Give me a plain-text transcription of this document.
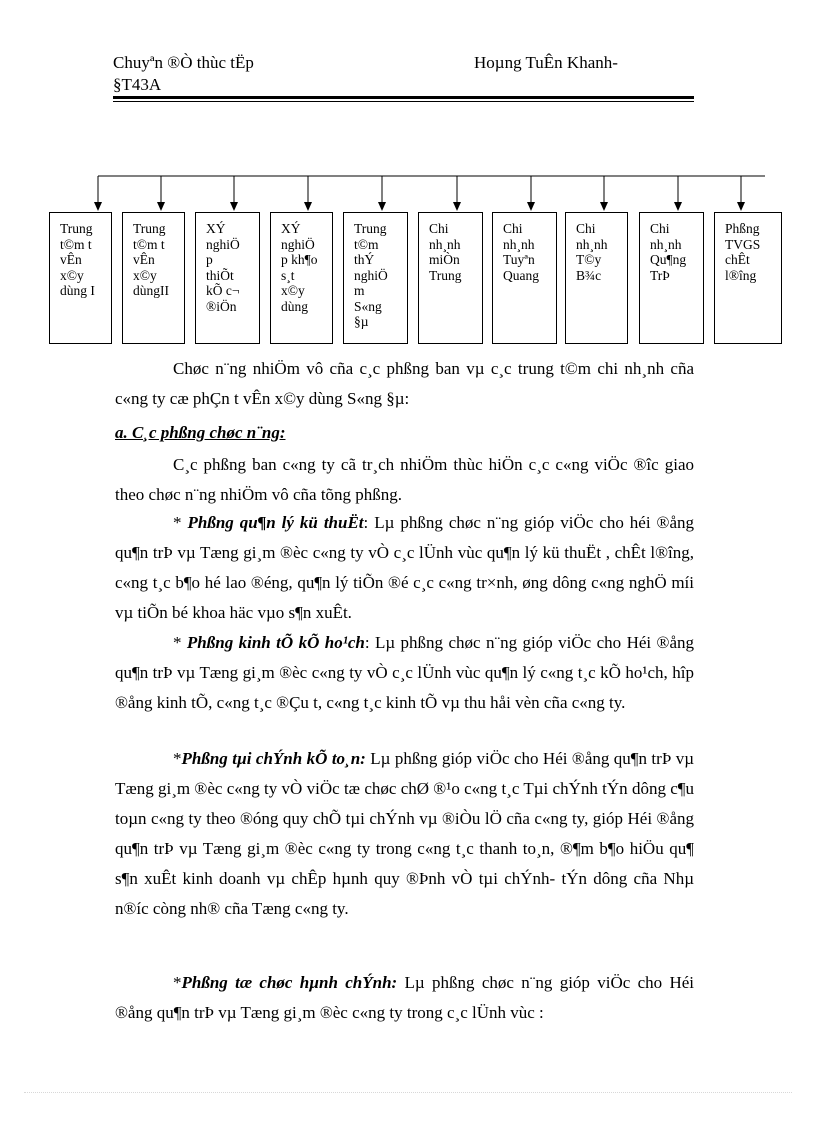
Chuyªn ®Ò thùc tËp
§T43A
Hoµng TuÊn Khanh-
Trung
t©m t
vÊn
x©y
dùng I
Trung
t©m t
vÊn
x©y
dùngII
XÝ
nghiÖ
p
thiÕt
kÕ c¬
®iÖn
XÝ
nghiÖ
p kh¶o
s¸t
x©y
dùng
Trung
t©m
thÝ
nghiÖ
m
S«ng
§µ
Chi
nh¸nh
miÒn
Trung
Chi
nh¸nh
Tuyªn
Quang
Chi
nh¸nh
T©y
B¾c
Chi
nh¸nh
Qu¶ng
TrÞ
Phßng
TVGS
chÊt
l®îng
Chøc n¨ng nhiÖm vô cña c¸c phßng ban vµ c¸c trung t©m chi nh¸nh cña c«ng ty cæ phÇn t vÊn x©y dùng S«ng §µ:
a. C¸c phßng chøc n¨ng:
C¸c phßng ban c«ng ty cã tr¸ch nhiÖm thùc hiÖn c¸c c«ng viÖc ®îc giao theo chøc n¨ng nhiÖm vô cña tõng phßng.
* Phßng qu¶n lý kü thuËt: Lµ phßng chøc n¨ng gióp viÖc cho héi ®ång qu¶n trÞ vµ Tæng gi¸m ®èc c«ng ty vÒ c¸c lÜnh vùc qu¶n lý kü thuËt , chÊt l®îng, c«ng t¸c b¶o hé lao ®éng, qu¶n lý tiÕn ®é c¸c c«ng tr×nh, øng dông c«ng nghÖ míi vµ tiÕn bé khoa häc vµo s¶n xuÊt.
* Phßng kinh tÕ kÕ ho¹ch: Lµ phßng chøc n¨ng gióp viÖc cho Héi ®ång qu¶n trÞ vµ Tæng gi¸m ®èc c«ng ty vÒ c¸c lÜnh vùc qu¶n lý c«ng t¸c kÕ ho¹ch, hîp ®ång kinh tÕ, c«ng t¸c ®Çu t, c«ng t¸c kinh tÕ vµ thu håi vèn cña c«ng ty.
*Phßng tµi chÝnh kÕ to¸n: Lµ phßng gióp viÖc cho Héi ®ång qu¶n trÞ vµ Tæng gi¸m ®èc c«ng ty vÒ viÖc tæ chøc chØ ®¹o c«ng t¸c Tµi chÝnh tÝn dông c¶u toµn c«ng ty theo ®óng quy chÕ tµi chÝnh vµ ®iÒu lÖ cña c«ng ty, gióp Héi ®ång qu¶n trÞ vµ Tæng gi¸m ®èc c«ng ty trong c«ng t¸c thanh to¸n, ®¶m b¶o hiÖu qu¶ s¶n xuÊt kinh doanh vµ chÊp hµnh quy ®Þnh vÒ tµi chÝnh- tÝn dông cña Nhµ n®íc còng nh® cña Tæng c«ng ty.
*Phßng tæ chøc hµnh chÝnh: Lµ phßng chøc n¨ng gióp viÖc cho Héi ®ång qu¶n trÞ vµ Tæng gi¸m ®èc c«ng ty trong c¸c lÜnh vùc :
